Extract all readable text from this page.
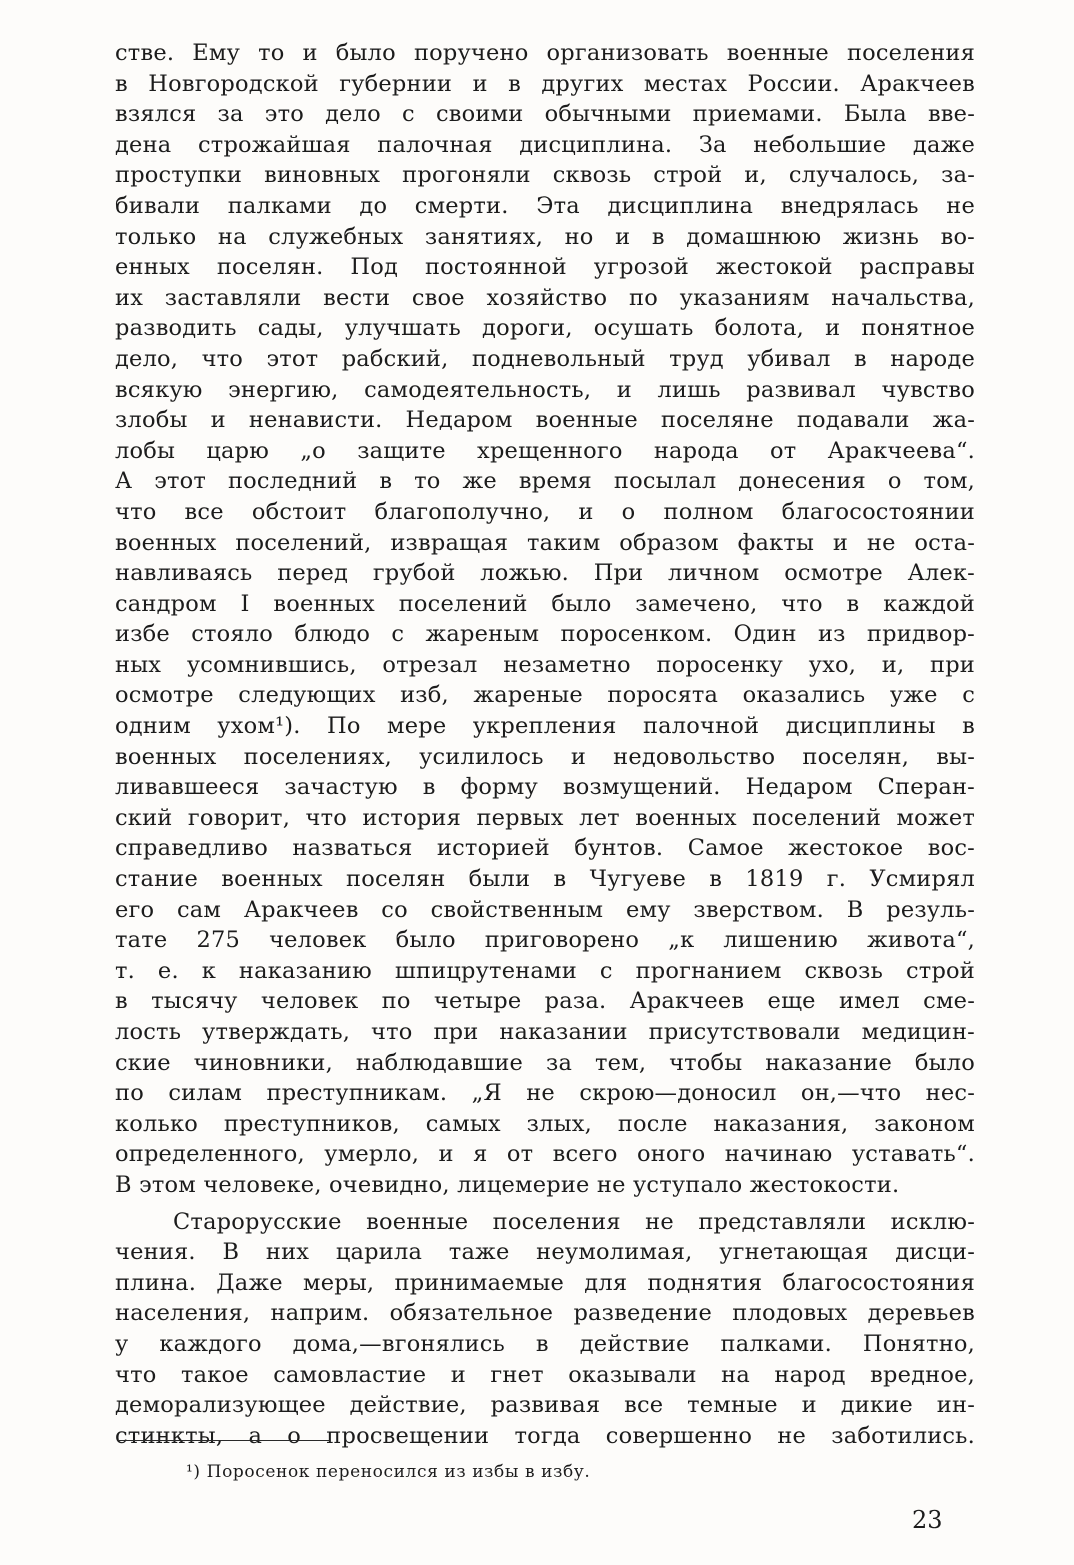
стве. Ему то и было поручено организовать военные поселения
в Новгородской губернии и в других местах России. Аракчеев
взялся за это дело с своими обычными приемами. Была вве-
дена строжайшая палочная дисциплина. За небольшие даже
проступки виновных прогоняли сквозь строй и, случалось, за-
бивали палками до смерти. Эта дисциплина внедрялась не
только на служебных занятиях, но и в домашнюю жизнь во-
енных поселян. Под постоянной угрозой жестокой расправы
их заставляли вести свое хозяйство по указаниям начальства,
разводить сады, улучшать дороги, осушать болота, и понятное
дело, что этот рабский, подневольный труд убивал в народе
всякую энергию, самодеятельность, и лишь развивал чувство
злобы и ненависти. Недаром военные поселяне подавали жа-
лобы царю „о защите хрещенного народа от Аракчеева“.
А этот последний в то же время посылал донесения о том,
что все обстоит благополучно, и о полном благосостоянии
военных поселений, извращая таким образом факты и не оста-
навливаясь перед грубой ложью. При личном осмотре Алек-
сандром I военных поселений было замечено, что в каждой
избе стояло блюдо с жареным поросенком. Один из придвор-
ных усомнившись, отрезал незаметно поросенку ухо, и, при
осмотре следующих изб, жареные поросята оказались уже с
одним ухом¹). По мере укрепления палочной дисциплины в
военных поселениях, усилилось и недовольство поселян, вы-
ливавшееся зачастую в форму возмущений. Недаром Сперан-
ский говорит, что история первых лет военных поселений может
справедливо назваться историей бунтов. Самое жестокое вос-
стание военных поселян были в Чугуеве в 1819 г. Усмирял
его сам Аракчеев со свойственным ему зверством. В резуль-
тате 275 человек было приговорено „к лишению живота“,
т. е. к наказанию шпицрутенами с прогнанием сквозь строй
в тысячу человек по четыре раза. Аракчеев еще имел сме-
лость утверждать, что при наказании присутствовали медицин-
ские чиновники, наблюдавшие за тем, чтобы наказание было
по силам преступникам. „Я не скрою—доносил он,—что нес-
колько преступников, самых злых, после наказания, законом
определенного, умерло, и я от всего оного начинаю уставать“.
В этом человеке, очевидно, лицемерие не уступало жестокости.
Старорусские военные поселения не представляли исклю-
чения. В них царила таже неумолимая, угнетающая дисци-
плина. Даже меры, принимаемые для поднятия благосостояния
населения, наприм. обязательное разведение плодовых деревьев
у каждого дома,—вгонялись в действие палками. Понятно,
что такое самовластие и гнет оказывали на народ вредное,
деморализующее действие, развивая все темные и дикие ин-
стинкты, а о просвещении тогда совершенно не заботились.
¹) Поросенок переносился из избы в избу.
23
